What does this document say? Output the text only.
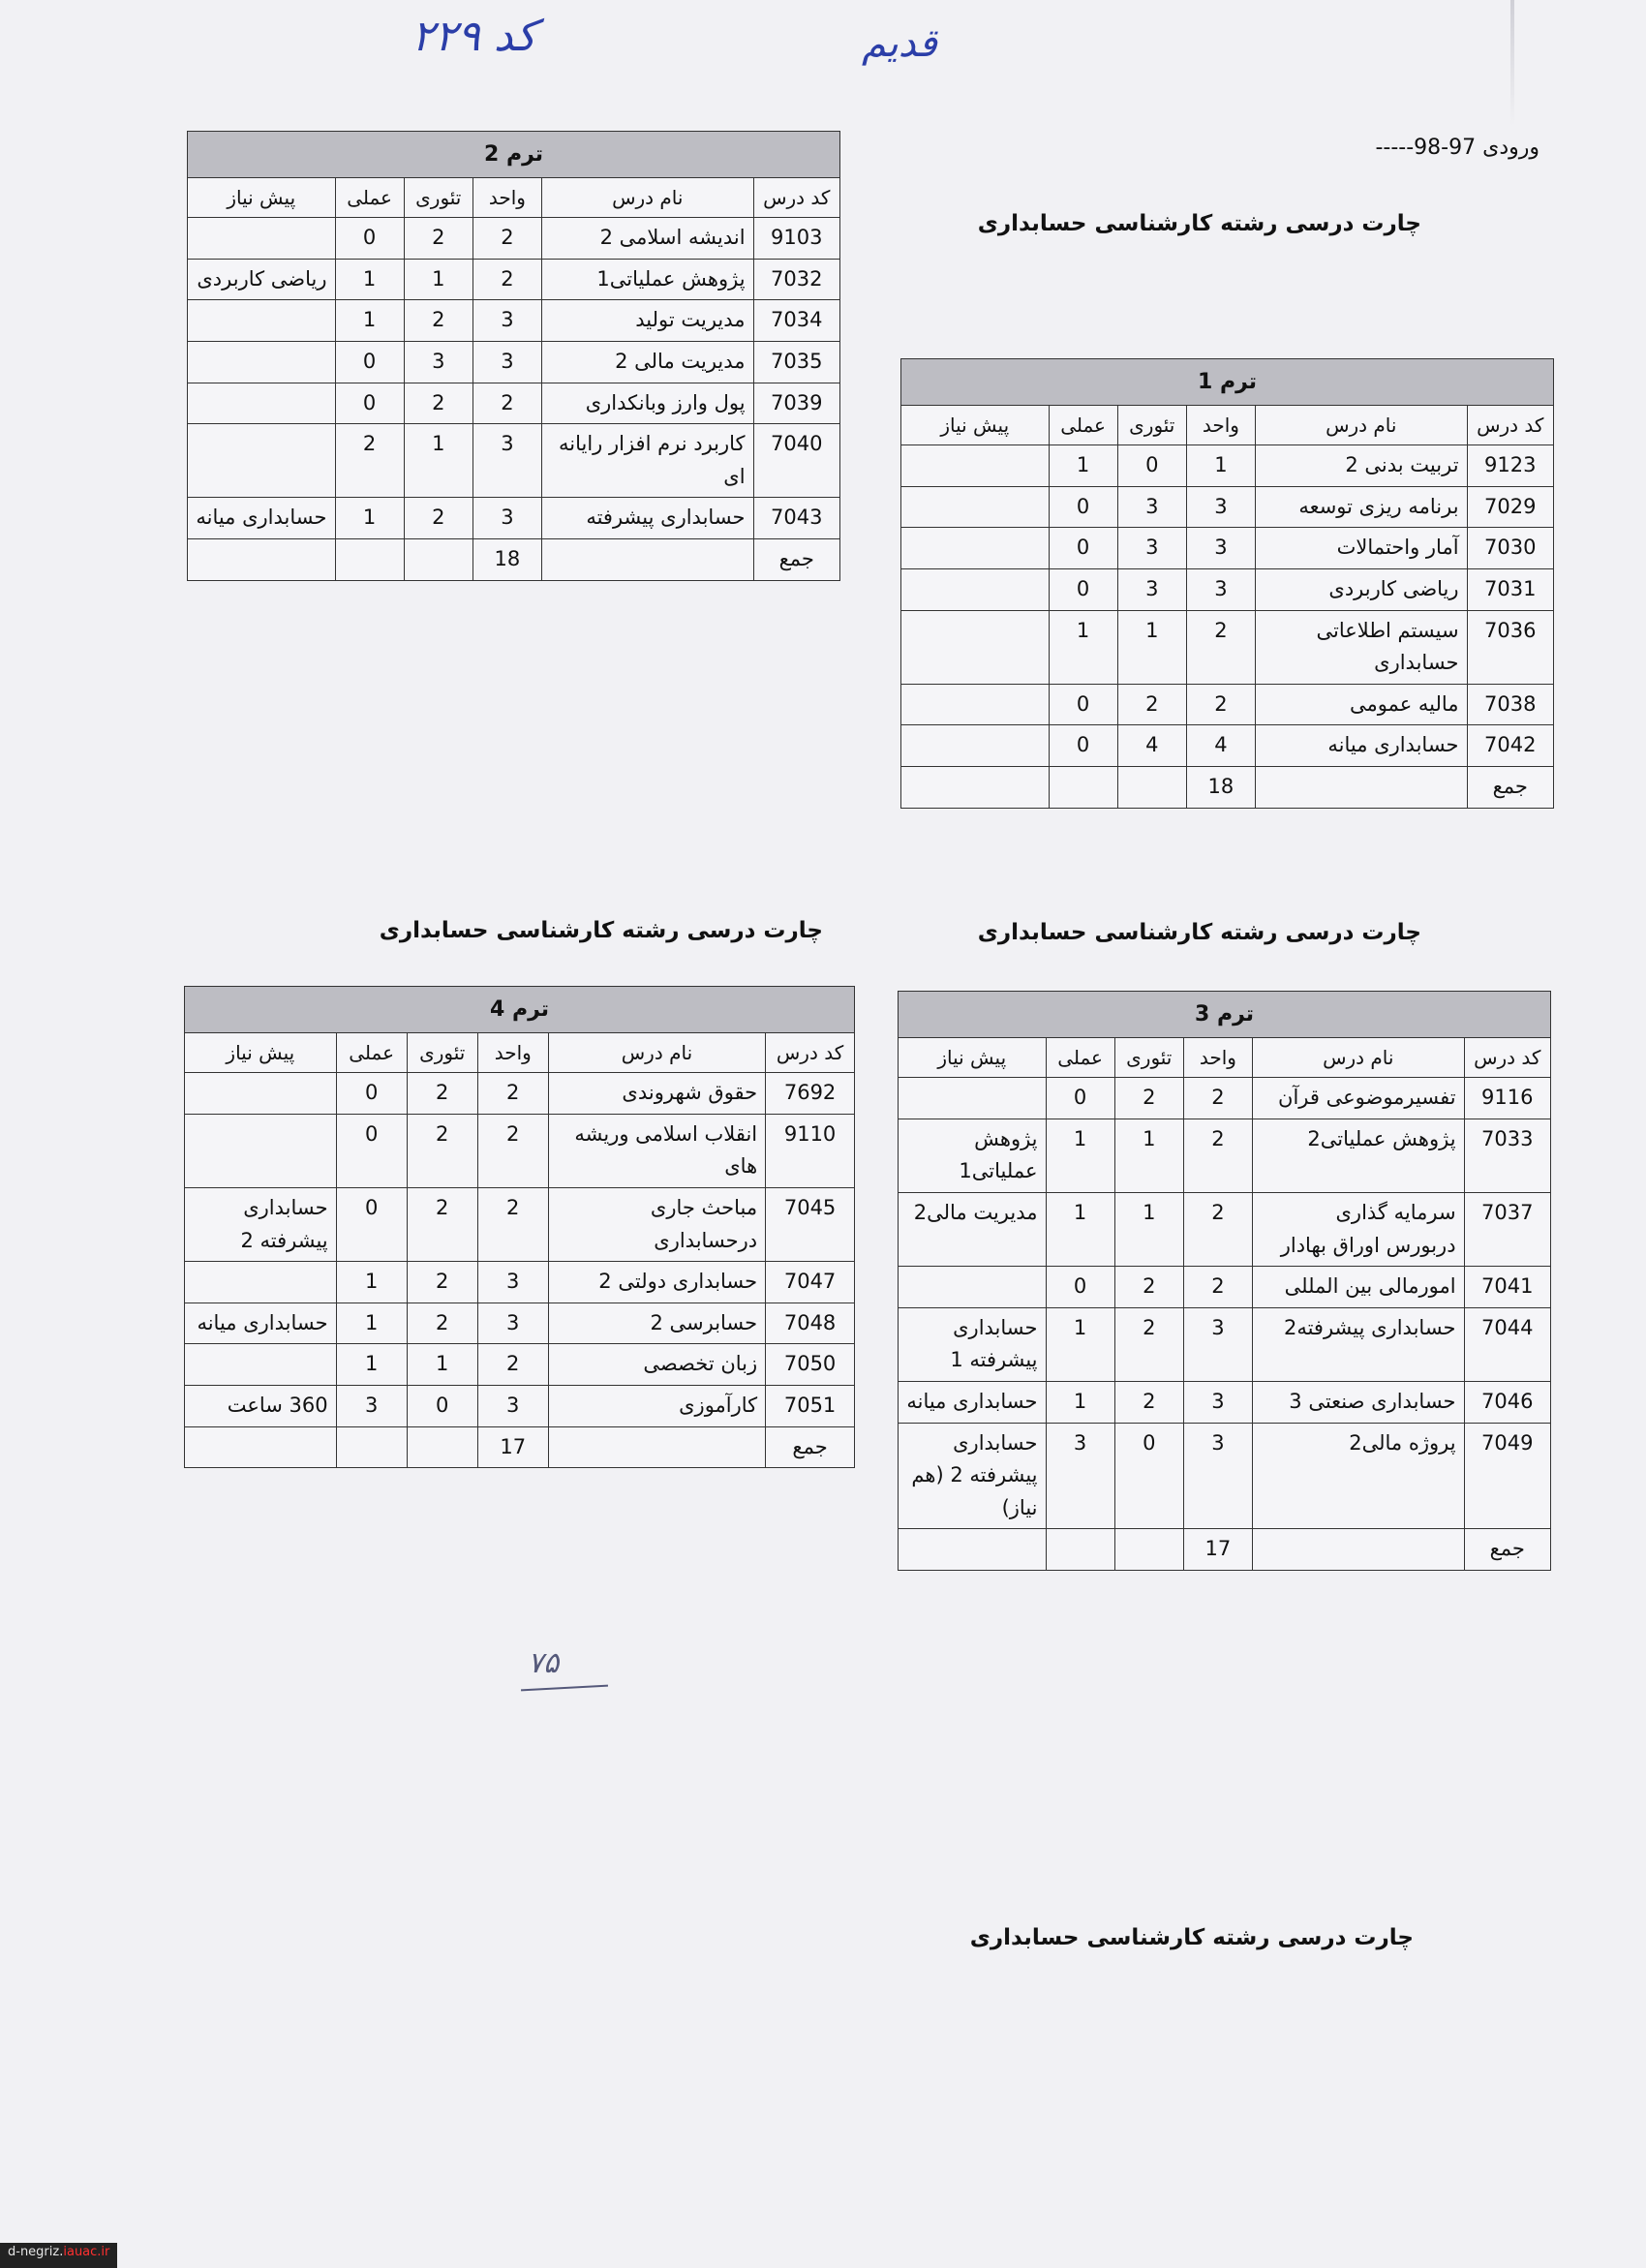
کد ۲۲۹	قدیم
۷۵
ورودی 97-98-----
چارت درسی رشته کارشناسی حسابداری
چارت درسی رشته کارشناسی حسابداری
چارت درسی رشته کارشناسی حسابداری
چارت درسی رشته کارشناسی حسابداری
ترم 1					
کد درس	نام درس	واحد	تئوری	عملی	پیش نیاز
9123	تربیت بدنی 2	1	0	1	
7029	برنامه ریزی توسعه	3	3	0	
7030	آمار واحتمالات	3	3	0	
7031	ریاضی کاربردی	3	3	0	
7036	سیستم اطلاعاتی حسابداری	2	1	1	
7038	مالیه عمومی	2	2	0	
7042	حسابداری میانه	4	4	0	
جمع		18			
ترم 2					
کد درس	نام درس	واحد	تئوری	عملی	پیش نیاز
9103	اندیشه اسلامی 2	2	2	0	
7032	پژوهش عملیاتی1	2	1	1	ریاضی کاربردی
7034	مدیریت تولید	3	2	1	
7035	مدیریت مالی 2	3	3	0	
7039	پول وارز وبانکداری	2	2	0	
7040	کاربرد نرم افزار رایانه ای	3	1	2	
7043	حسابداری پیشرفته	3	2	1	حسابداری میانه
جمع		18			
ترم 3					
کد درس	نام درس	واحد	تئوری	عملی	پیش نیاز
9116	تفسیرموضوعی قرآن	2	2	0	
7033	پژوهش عملیاتی2	2	1	1	پژوهش عملیاتی1
7037	سرمایه گذاری دربورس اوراق بهادار	2	1	1	مدیریت مالی2
7041	امورمالی بین المللی	2	2	0	
7044	حسابداری پیشرفته2	3	2	1	حسابداری پیشرفته 1
7046	حسابداری صنعتی 3	3	2	1	حسابداری میانه
7049	پروژه مالی2	3	0	3	حسابداری پیشرفته 2 (هم نیاز)
جمع		17			
ترم 4					
کد درس	نام درس	واحد	تئوری	عملی	پیش نیاز
7692	حقوق شهروندی	2	2	0	
9110	انقلاب اسلامی وریشه های	2	2	0	
7045	مباحث جاری درحسابداری	2	2	0	حسابداری پیشرفته 2
7047	حسابداری دولتی 2	3	2	1	
7048	حسابرسی 2	3	2	1	حسابداری میانه
7050	زبان تخصصی	2	1	1	
7051	کارآموزی	3	0	3	360 ساعت
جمع		17			
d-negriz.iauac.ir
